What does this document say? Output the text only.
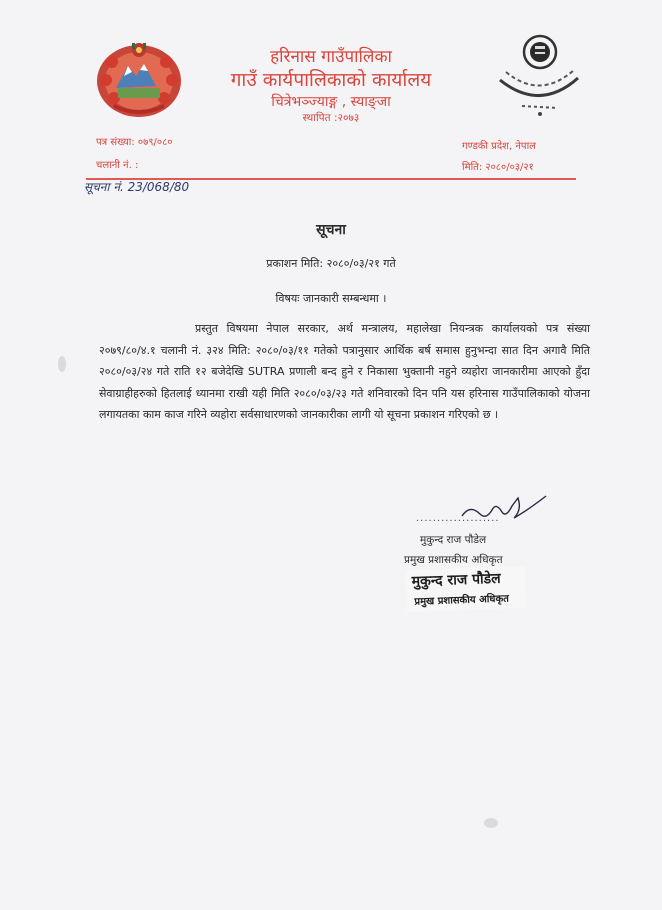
हरिनास गाउँपालिका
गाउँ कार्यपालिकाको कार्यालय
चित्रेभञ्ज्याङ्ग , स्याङ्जा
स्थापित :२०७३
पत्र संख्या: ०७९/०८०
चलानी नं. :
गण्डकी प्रदेश, नेपाल
मिति: २०८०/०३/२१
सूचना नं. 23/068/80
सूचना
प्रकाशन मिति: २०८०/०३/२१ गते
विषयः जानकारी सम्बन्धमा ।
प्रस्तुत विषयमा नेपाल सरकार, अर्थ मन्त्रालय, महालेखा नियन्त्रक कार्यालयको पत्र संख्या २०७९/८०/४.१ चलानी नं. ३२४ मिति: २०८०/०३/११ गतेको पत्रानुसार आर्थिक बर्ष समास हुनुभन्दा सात दिन अगावै मिति २०८०/०३/२४ गते राति १२ बजेदेखि SUTRA प्रणाली बन्द हुने र निकासा भुक्तानी नहुने व्यहोरा जानकारीमा आएको हुँदा सेवाग्राहीहरुको हितलाई ध्यानमा राखी यही मिति २०८०/०३/२३ गते शनिवारको दिन पनि यस हरिनास गाउँपालिकाको योजना लगायतका काम काज गरिने व्यहोरा सर्वसाधारणको जानकारीका लागी यो सूचना प्रकाशन गरिएको छ ।
....................
मुकुन्द राज पौडेल
प्रमुख प्रशासकीय अधिकृत
मुकुन्द राज पौडेल
प्रमुख प्रशासकीय अधिकृत
